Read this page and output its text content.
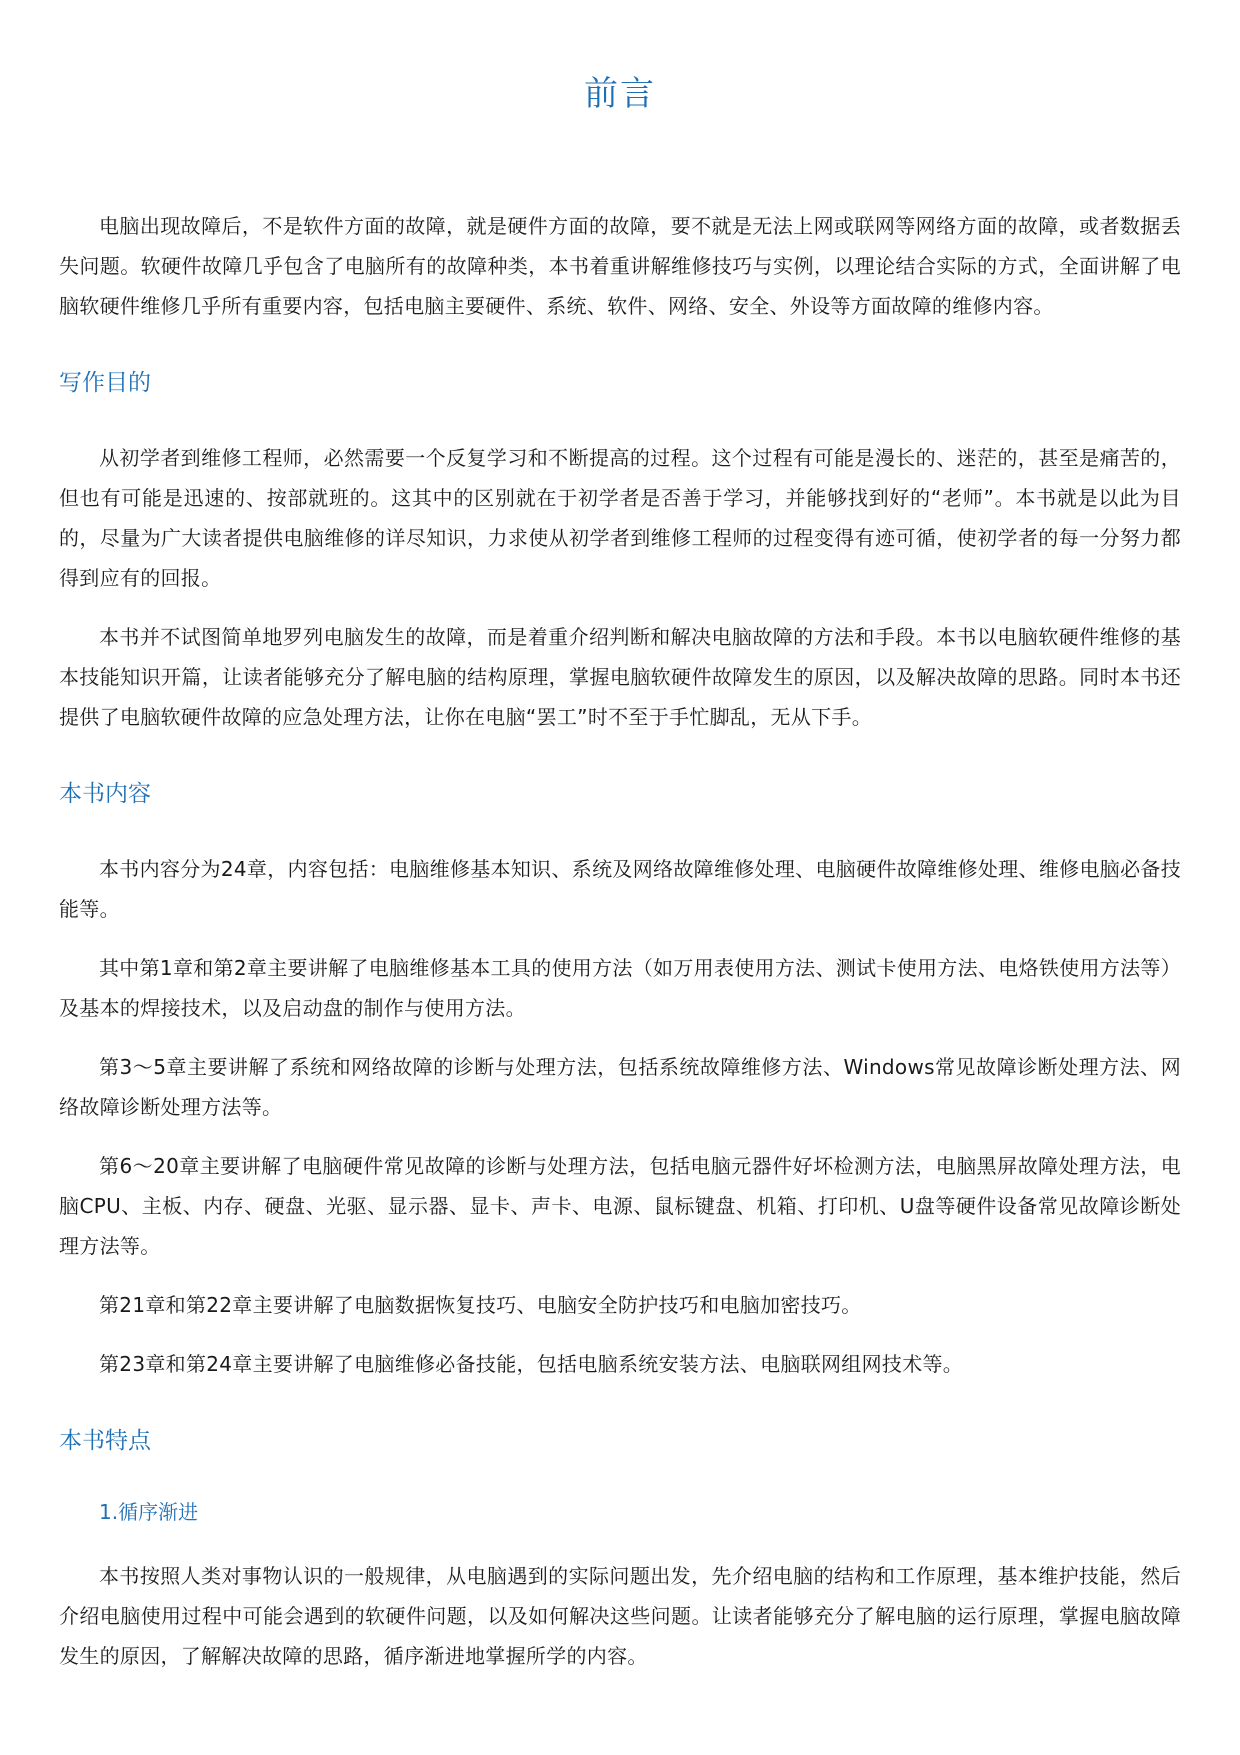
前言

电脑出现故障后，不是软件方面的故障，就是硬件方面的故障，要不就是无法上网或联网等网络方面的故障，或者数据丢失问题。软硬件故障几乎包含了电脑所有的故障种类，本书着重讲解维修技巧与实例，以理论结合实际的方式，全面讲解了电脑软硬件维修几乎所有重要内容，包括电脑主要硬件、系统、软件、网络、安全、外设等方面故障的维修内容。

写作目的

从初学者到维修工程师，必然需要一个反复学习和不断提高的过程。这个过程有可能是漫长的、迷茫的，甚至是痛苦的，但也有可能是迅速的、按部就班的。这其中的区别就在于初学者是否善于学习，并能够找到好的“老师”。本书就是以此为目的，尽量为广大读者提供电脑维修的详尽知识，力求使从初学者到维修工程师的过程变得有迹可循，使初学者的每一分努力都得到应有的回报。

本书并不试图简单地罗列电脑发生的故障，而是着重介绍判断和解决电脑故障的方法和手段。本书以电脑软硬件维修的基本技能知识开篇，让读者能够充分了解电脑的结构原理，掌握电脑软硬件故障发生的原因，以及解决故障的思路。同时本书还提供了电脑软硬件故障的应急处理方法，让你在电脑“罢工”时不至于手忙脚乱，无从下手。

本书内容

本书内容分为24章，内容包括：电脑维修基本知识、系统及网络故障维修处理、电脑硬件故障维修处理、维修电脑必备技能等。

其中第1章和第2章主要讲解了电脑维修基本工具的使用方法（如万用表使用方法、测试卡使用方法、电烙铁使用方法等）及基本的焊接技术，以及启动盘的制作与使用方法。

第3～5章主要讲解了系统和网络故障的诊断与处理方法，包括系统故障维修方法、Windows常见故障诊断处理方法、网络故障诊断处理方法等。

第6～20章主要讲解了电脑硬件常见故障的诊断与处理方法，包括电脑元器件好坏检测方法，电脑黑屏故障处理方法，电脑CPU、主板、内存、硬盘、光驱、显示器、显卡、声卡、电源、鼠标键盘、机箱、打印机、U盘等硬件设备常见故障诊断处理方法等。

第21章和第22章主要讲解了电脑数据恢复技巧、电脑安全防护技巧和电脑加密技巧。

第23章和第24章主要讲解了电脑维修必备技能，包括电脑系统安装方法、电脑联网组网技术等。

本书特点
1.循序渐进

本书按照人类对事物认识的一般规律，从电脑遇到的实际问题出发，先介绍电脑的结构和工作原理，基本维护技能，然后介绍电脑使用过程中可能会遇到的软硬件问题，以及如何解决这些问题。让读者能够充分了解电脑的运行原理，掌握电脑故障发生的原因，了解解决故障的思路，循序渐进地掌握所学的内容。
